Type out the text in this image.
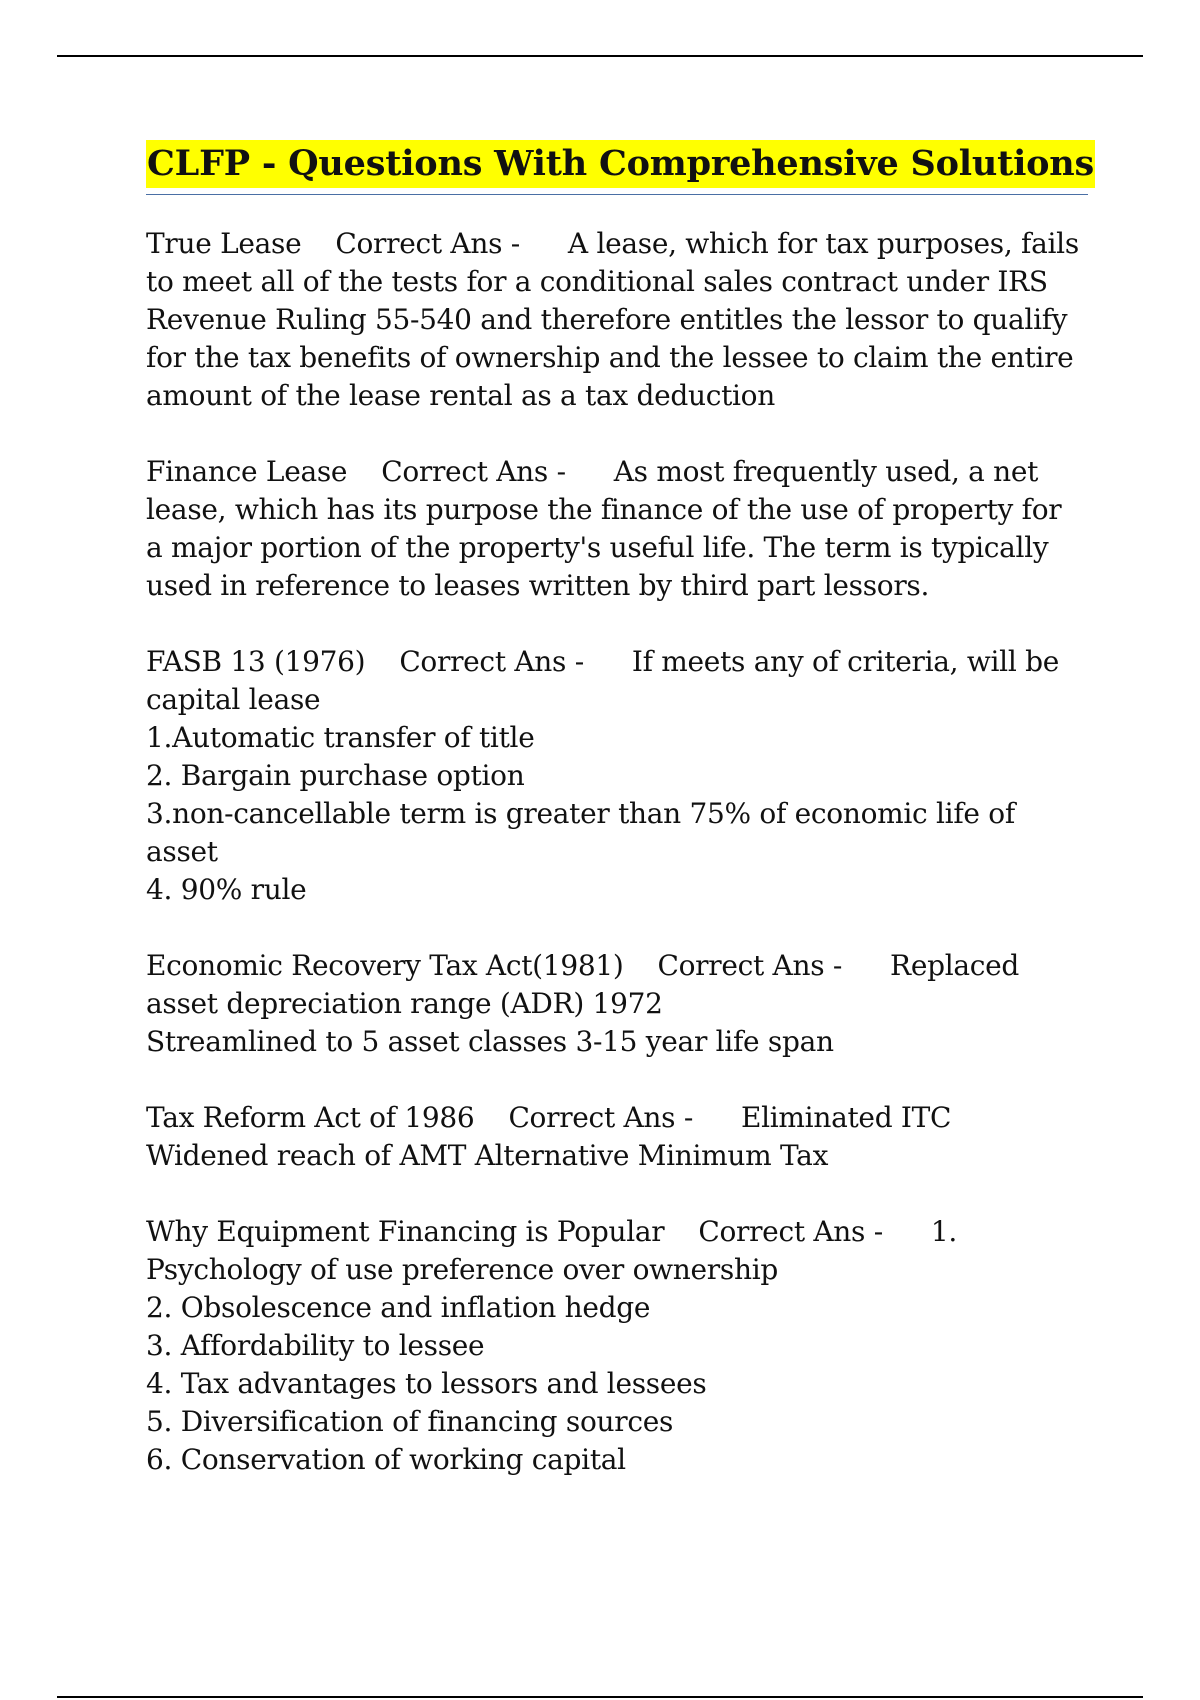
CLFP - Questions With Comprehensive Solutions
True Lease Correct Ans - A lease, which for tax purposes, fails to meet all of the tests for a conditional sales contract under IRS Revenue Ruling 55-540 and therefore entitles the lessor to qualify for the tax benefits of ownership and the lessee to claim the entire amount of the lease rental as a tax deduction
Finance Lease Correct Ans - As most frequently used, a net lease, which has its purpose the finance of the use of property for a major portion of the property's useful life. The term is typically used in reference to leases written by third part lessors.
FASB 13 (1976) Correct Ans - If meets any of criteria, will be capital lease
1.Automatic transfer of title
2. Bargain purchase option
3.non-cancellable term is greater than 75% of economic life of asset
4. 90% rule
Economic Recovery Tax Act(1981) Correct Ans - Replaced asset depreciation range (ADR) 1972
Streamlined to 5 asset classes 3-15 year life span
Tax Reform Act of 1986 Correct Ans - Eliminated ITC
Widened reach of AMT Alternative Minimum Tax
Why Equipment Financing is Popular Correct Ans - 1. Psychology of use preference over ownership
2. Obsolescence and inflation hedge
3. Affordability to lessee
4. Tax advantages to lessors and lessees
5. Diversification of financing sources
6. Conservation of working capital
